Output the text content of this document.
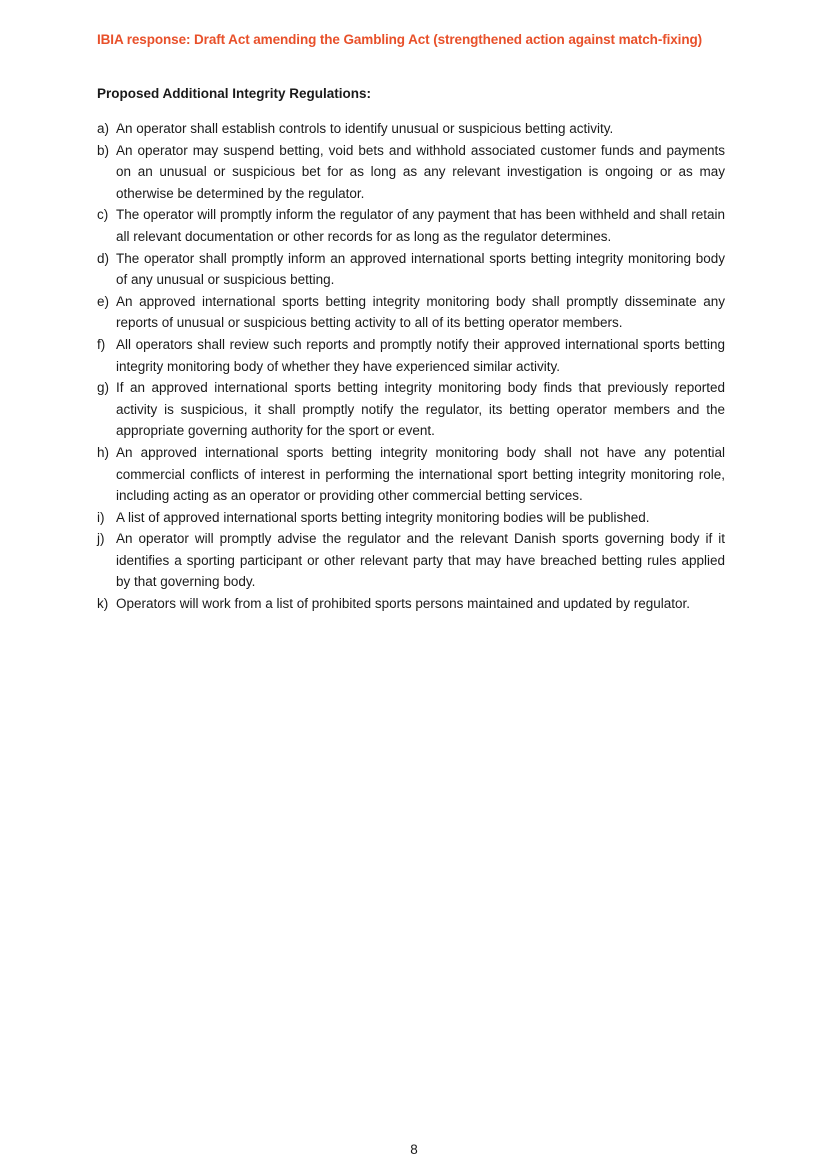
IBIA response: Draft Act amending the Gambling Act (strengthened action against match-fixing)
Proposed Additional Integrity Regulations:
a) An operator shall establish controls to identify unusual or suspicious betting activity.
b) An operator may suspend betting, void bets and withhold associated customer funds and payments on an unusual or suspicious bet for as long as any relevant investigation is ongoing or as may otherwise be determined by the regulator.
c) The operator will promptly inform the regulator of any payment that has been withheld and shall retain all relevant documentation or other records for as long as the regulator determines.
d) The operator shall promptly inform an approved international sports betting integrity monitoring body of any unusual or suspicious betting.
e) An approved international sports betting integrity monitoring body shall promptly disseminate any reports of unusual or suspicious betting activity to all of its betting operator members.
f) All operators shall review such reports and promptly notify their approved international sports betting integrity monitoring body of whether they have experienced similar activity.
g) If an approved international sports betting integrity monitoring body finds that previously reported activity is suspicious, it shall promptly notify the regulator, its betting operator members and the appropriate governing authority for the sport or event.
h) An approved international sports betting integrity monitoring body shall not have any potential commercial conflicts of interest in performing the international sport betting integrity monitoring role, including acting as an operator or providing other commercial betting services.
i) A list of approved international sports betting integrity monitoring bodies will be published.
j) An operator will promptly advise the regulator and the relevant Danish sports governing body if it identifies a sporting participant or other relevant party that may have breached betting rules applied by that governing body.
k) Operators will work from a list of prohibited sports persons maintained and updated by regulator.
8
